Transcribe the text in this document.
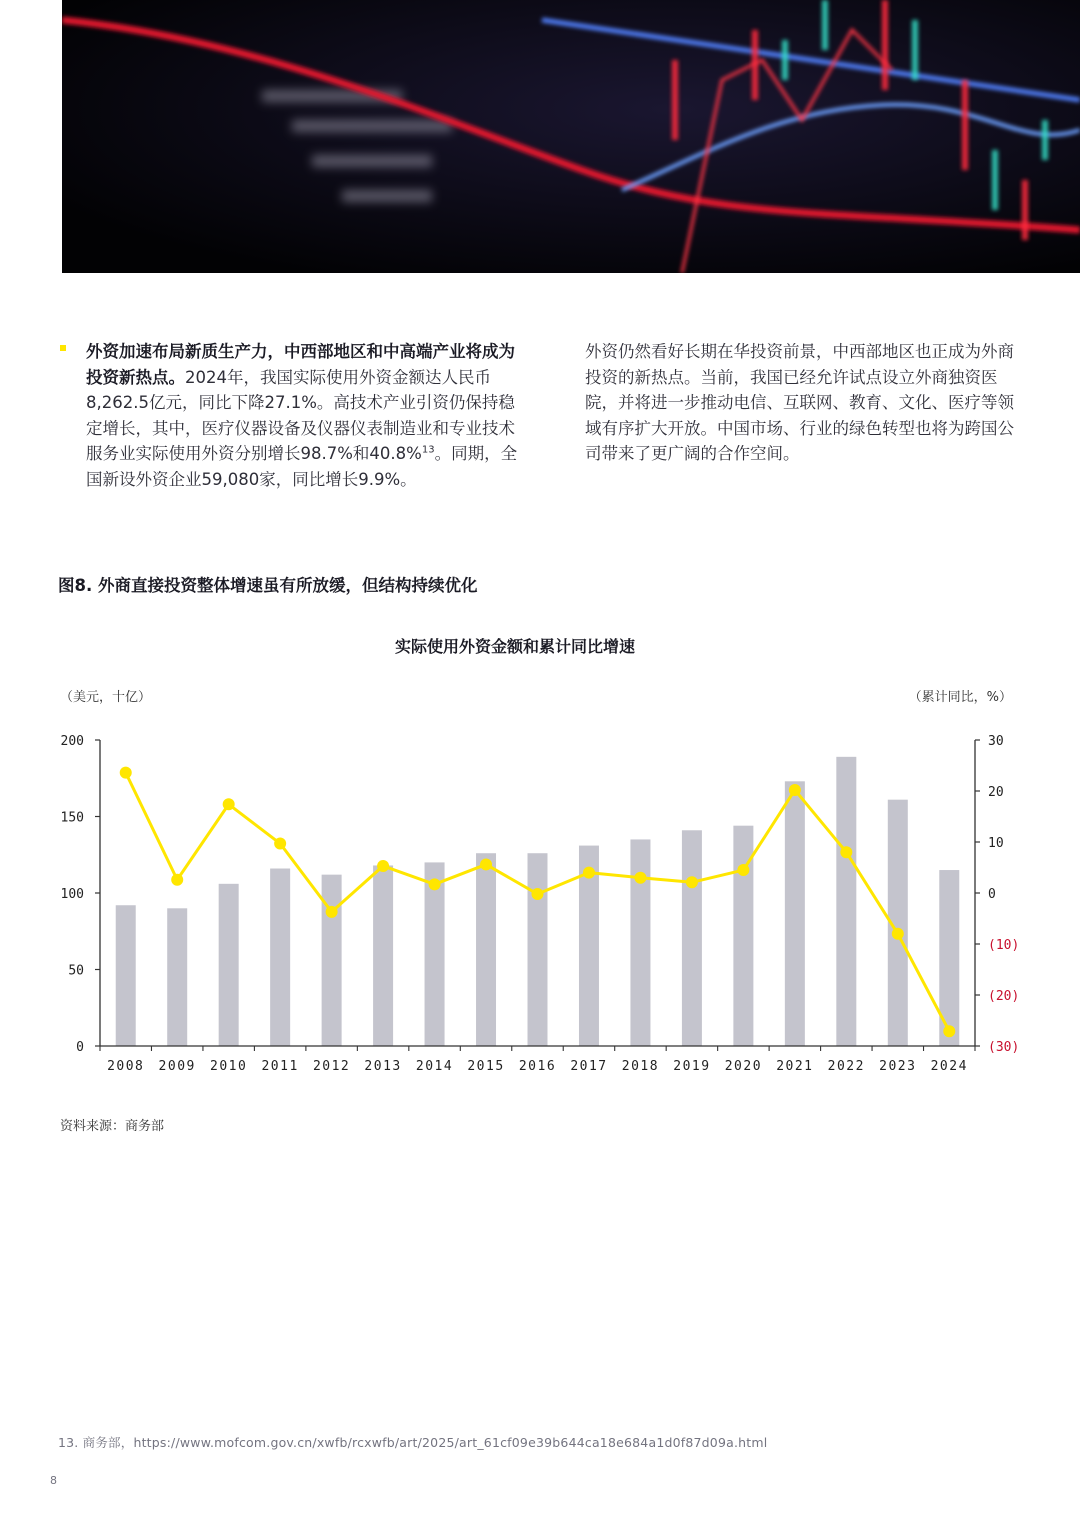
外资加速布局新质生产力，中西部地区和中高端产业将成为投资新热点。2024年，我国实际使用外资金额达人民币8,262.5亿元，同比下降27.1%。高技术产业引资仍保持稳定增长，其中，医疗仪器设备及仪器仪表制造业和专业技术服务业实际使用外资分别增长98.7%和40.8%$^{13}$。同期，全国新设外资企业59,080家，同比增长9.9%。
外资仍然看好长期在华投资前景，中西部地区也正成为外商投资的新热点。当前，我国已经允许试点设立外商独资医院，并将进一步推动电信、互联网、教育、文化、医疗等领域有序扩大开放。中国市场、行业的绿色转型也将为跨国公司带来了更广阔的合作空间。
图8. 外商直接投资整体增速虽有所放缓，但结构持续优化
实际使用外资金额和累计同比增速
（美元，十亿）	（累计同比，%）
0
50
100
150
200
(30)
(20)
(10)
0
10
20
30
2008 2009 2010 2011 2012 2013 2014 2015 2016 2017 2018 2019 2020 2021 2022 2023 2024
资料来源：商务部
13. 商务部，https://www.mofcom.gov.cn/xwfb/rcxwfb/art/2025/art_61cf09e39b644ca18e684a1d0f87d09a.html
8
